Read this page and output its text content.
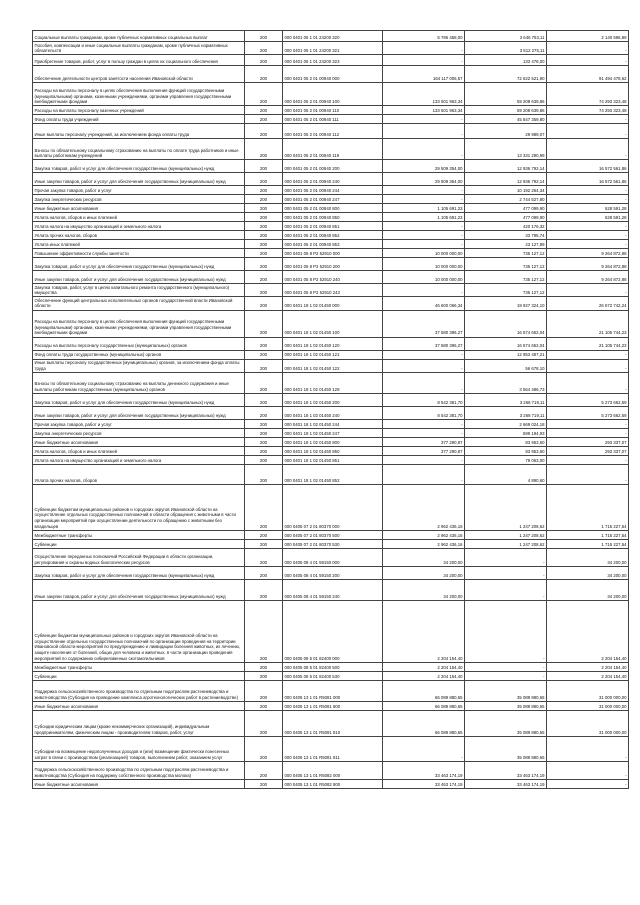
Социальные выплаты гражданам, кроме публичных нормативных социальных выплат	200	000 0401 05 1 01 24200 320	5 786 458,00	3 646 753,11	2 140 596,89
Пособия, компенсации и иные социальные выплаты гражданам, кроме публичных нормативных обязательств	200	000 0401 05 1 01 24200 321	-	3 512 275,11	-
Приобретение товаров, работ, услуг в пользу граждан в целях их социального обеспечения	200	000 0401 05 1 01 24200 323	-	133 478,00	-
Обеспечение деятельности центров занятости населения Ивановской области	200	000 0401 05 2 01 00940 000	164 117 006,57	72 622 521,90	91 494 478,62
Расходы на выплаты персоналу в целях обеспечения выполнения функций государственными (муниципальными) органами, казенными учреждениями, органами управления государственными внебюджетными фондами	200	000 0401 05 2 01 00940 100	133 501 963,34	59 208 639,86	74 293 323,48
Расходы на выплаты персоналу казенных учреждений	200	000 0401 05 2 01 00940 110	133 501 963,34	59 208 639,86	74 293 323,48
Фонд оплаты труда учреждений	200	000 0401 05 2 01 00940 111	-	45 847 359,80	-
Иные выплаты персоналу учреждений, за исключением фонда оплаты труда	200	000 0401 05 2 01 00940 112	-	29 989,07	-
Взносы по обязательному социальному страхованию на выплаты по оплате труда работников и иные выплаты работникам учреждений	200	000 0401 05 2 01 00940 119	-	13 331 290,99	-
Закупка товаров, работ и услуг для обеспечения государственных (муниципальных) нужд	200	000 0401 05 2 01 00940 200	29 509 354,00	12 936 792,14	16 572 561,86
Иные закупки товаров, работ и услуг для обеспечения государственных (муниципальных) нужд	200	000 0401 05 2 01 00940 240	29 509 354,00	12 936 792,14	16 572 561,86
Прочая закупка товаров, работ и услуг	200	000 0401 05 2 01 00940 244	-	10 192 264,34	-
Закупка энергетических ресурсов	200	000 0401 05 2 01 00940 247	-	2 744 527,80	-
Иные бюджетные ассигнования	200	000 0401 05 2 01 00940 800	1 105 691,23	477 099,90	628 591,28
Уплата налогов, сборов и иных платежей	200	000 0401 05 2 01 00940 850	1 105 691,23	477 099,90	628 591,28
Уплата налога на имущество организаций и земельного налога	200	000 0401 05 2 01 00940 851	-	420 176,32	-
Уплата прочих налогов, сборов	200	000 0401 05 2 01 00940 852	-	33 795,74	-
Уплата иных платежей	200	000 0401 05 2 01 00940 853	-	23 127,89	-
Повышение эффективности службы занятости	200	000 0401 05 8 P2 52910 000	10 000 000,00	735 127,12	9 264 872,88
Закупка товаров, работ и услуг для обеспечения государственных (муниципальных) нужд	200	000 0401 05 8 P2 52910 200	10 000 000,00	735 127,12	9 264 872,88
Иные закупки товаров, работ и услуг для обеспечения государственных (муниципальных) нужд	200	000 0401 05 8 P2 52910 240	10 000 000,00	735 127,12	9 264 872,88
Закупка товаров, работ, услуг в целях капитального ремонта государственного (муниципального) имущества	200	000 0401 05 8 P2 52910 243	-	735 127,12	-
Обеспечение функций центральных исполнительных органов государственной власти Ивановской области	200	000 0401 18 1 02 01450 000	46 600 066,34	19 927 324,10	26 672 742,24
Расходы на выплаты персоналу в целях обеспечения выполнения функций государственными (муниципальными) органами, казенными учреждениями, органами управления государственными внебюджетными фондами	200	000 0401 18 1 02 01450 100	37 580 396,27	16 574 652,04	21 105 744,23
Расходы на выплаты персоналу государственных (муниципальных) органов	200	000 0401 18 1 02 01450 120	37 580 396,27	16 574 652,04	21 105 744,23
Фонд оплаты труда государственных (муниципальных) органов	200	000 0401 18 1 02 01450 121	-	12 953 487,21	-
Иные выплаты персоналу государственных (муниципальных) органов, за исключением фонда оплаты труда	200	000 0401 18 1 02 01450 122	-	56 678,10	-
Взносы по обязательному социальному страхованию на выплаты денежного содержания и иные выплаты работникам государственных (муниципальных) органов	200	000 0401 18 1 02 01450 129	-	3 564 486,73	-
Закупка товаров, работ и услуг для обеспечения государственных (муниципальных) нужд	200	000 0401 18 1 02 01450 200	8 542 381,70	3 268 719,11	5 273 662,59
Иные закупки товаров, работ и услуг для обеспечения государственных (муниципальных) нужд	200	000 0401 18 1 02 01450 240	8 542 381,70	3 268 719,11	5 273 662,59
Прочая закупка товаров, работ и услуг	200	000 0401 18 1 02 01450 244	-	2 669 024,18	-
Закупка энергетических ресурсов	200	000 0401 18 1 02 01450 247	-	599 194,93	-
Иные бюджетные ассигнования	200	000 0401 18 1 02 01450 800	377 290,87	83 953,60	293 337,07
Уплата налогов, сборов и иных платежей	200	000 0401 18 1 02 01450 850	377 290,87	83 953,60	293 337,07
Уплата налога на имущество организаций и земельного налога	200	000 0401 18 1 02 01450 851	-	79 063,00	-
Уплата прочих налогов, сборов	200	000 0401 18 1 02 01450 852	-	4 890,60	-
Субвенции бюджетам муниципальных районов и городских округов Ивановской области на осуществление отдельных государственных полномочий в области обращения с животными в части организации мероприятий при осуществлении деятельности по обращению с животными без владельцев	200	000 0405 07 2 01 80370 000	2 962 436,16	1 247 208,62	1 715 227,54
Межбюджетные трансферты	200	000 0405 07 2 01 80370 500	2 962 436,16	1 247 208,62	1 715 227,54
Субвенции	200	000 0405 07 2 01 80370 530	2 962 436,16	1 247 208,62	1 715 227,54
Осуществление переданных полномочий Российской Федерации в области организации, регулирования и охраны водных биологических ресурсов	200	000 0405 08 4 01 59150 000	34 200,00	-	34 200,00
Закупка товаров, работ и услуг для обеспечения государственных (муниципальных) нужд	200	000 0405 08 4 01 59150 200	34 200,00	-	34 200,00
Иные закупки товаров, работ и услуг для обеспечения государственных (муниципальных) нужд	200	000 0405 08 4 01 59150 240	34 200,00	-	34 200,00
Субвенции бюджетам муниципальных районов и городских округов Ивановской области на осуществление отдельных государственных полномочий по организации проведения на территории Ивановской области мероприятий по предупреждению и ликвидации болезней животных, их лечению, защите населения от болезней, общих для человека и животных, в части организации проведения мероприятий по содержанию сибиреязвенных скотомогильников	200	000 0405 08 5 01 82400 000	2 204 154,40	-	2 204 154,40
Межбюджетные трансферты	200	000 0405 08 5 01 82400 500	2 204 154,40	-	2 204 154,40
Субвенции	200	000 0405 08 5 01 82400 530	2 204 154,40	-	2 204 154,40
Поддержка сельскохозяйственного производства по отдельным подотраслям растениеводства и животноводства (Субсидия на проведение комплекса агротехнологических работ в растениеводстве)	200	000 0405 13 1 01 R5081 000	66 089 880,65	35 089 880,65	31 000 000,00
Иные бюджетные ассигнования	200	000 0405 13 1 01 R5081 800	66 089 880,65	35 089 880,65	31 000 000,00
Субсидии юридическим лицам (кроме некоммерческих организаций), индивидуальным предпринимателям, физическим лицам - производителям товаров, работ, услуг	200	000 0405 13 1 01 R5081 810	66 089 880,65	35 089 880,65	31 000 000,00
Субсидии на возмещение недополученных доходов и (или) возмещение фактически понесенных затрат в связи с производством (реализацией) товаров, выполнением работ, оказанием услуг	200	000 0405 13 1 01 R5081 811	-	35 089 880,65	-
Поддержка сельскохозяйственного производства по отдельным подотраслям растениеводства и животноводства (Субсидия на поддержку собственного производства молока)	200	000 0405 13 1 01 R5082 000	33 463 174,19	33 463 174,19	-
Иные бюджетные ассигнования	200	000 0405 13 1 01 R5082 800	33 463 174,19	33 463 174,19	-
